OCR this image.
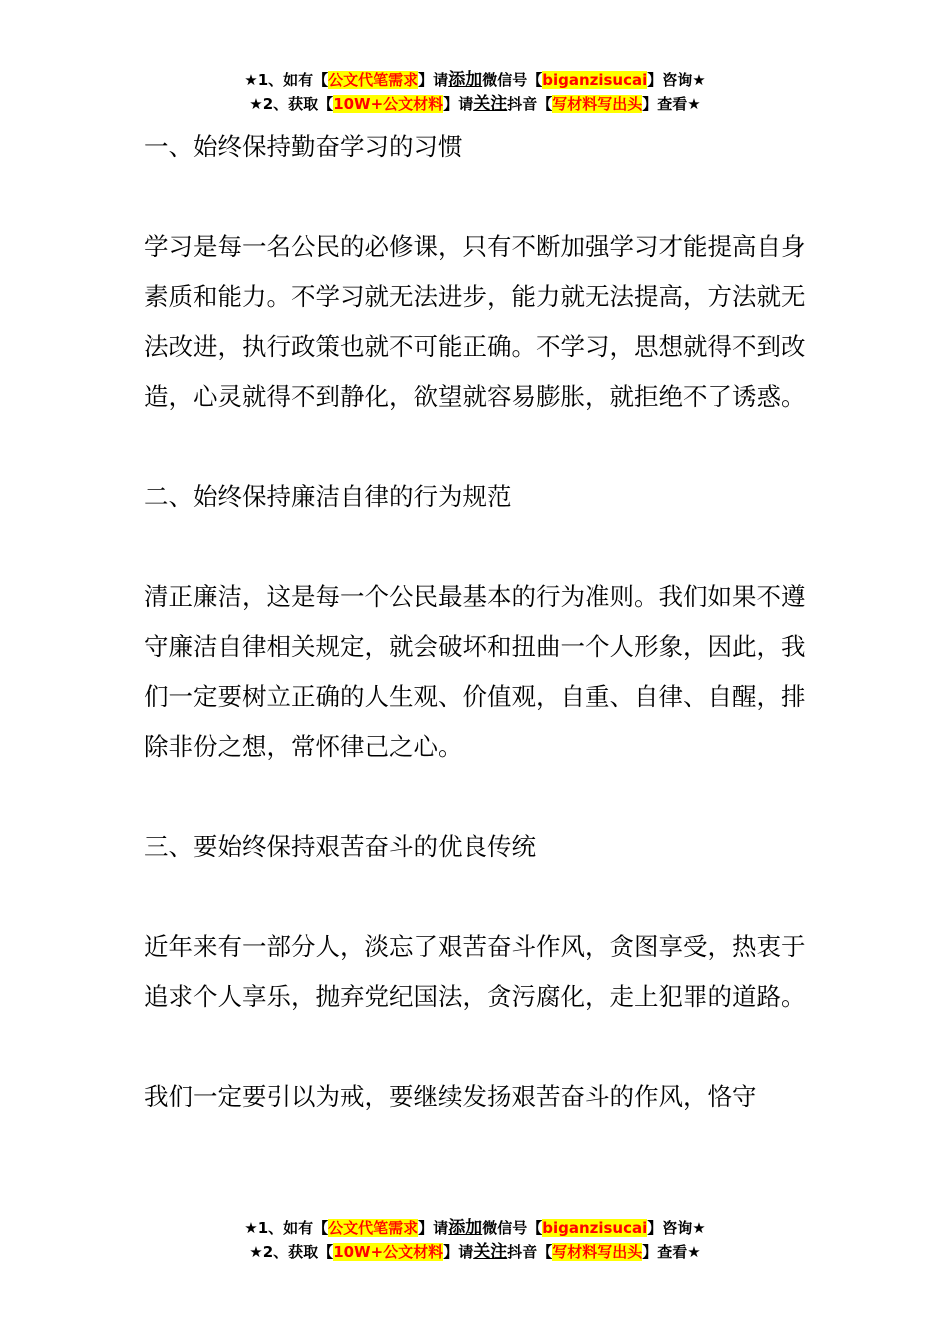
★1、如有【公文代笔需求】请添加微信号【biganzisucai】咨询★
★2、获取【10W+公文材料】请关注抖音【写材料写出头】查看★

一、始终保持勤奋学习的习惯

学习是每一名公民的必修课，只有不断加强学习才能提高自身素质和能力。不学习就无法进步，能力就无法提高，方法就无法改进，执行政策也就不可能正确。不学习，思想就得不到改造，心灵就得不到静化，欲望就容易膨胀，就拒绝不了诱惑。

二、始终保持廉洁自律的行为规范

清正廉洁，这是每一个公民最基本的行为准则。我们如果不遵守廉洁自律相关规定，就会破坏和扭曲一个人形象，因此，我们一定要树立正确的人生观、价值观，自重、自律、自醒，排除非份之想，常怀律己之心。

三、要始终保持艰苦奋斗的优良传统

近年来有一部分人，淡忘了艰苦奋斗作风，贪图享受，热衷于追求个人享乐，抛弃党纪国法，贪污腐化，走上犯罪的道路。

我们一定要引以为戒，要继续发扬艰苦奋斗的作风，恪守

★1、如有【公文代笔需求】请添加微信号【biganzisucai】咨询★
★2、获取【10W+公文材料】请关注抖音【写材料写出头】查看★
